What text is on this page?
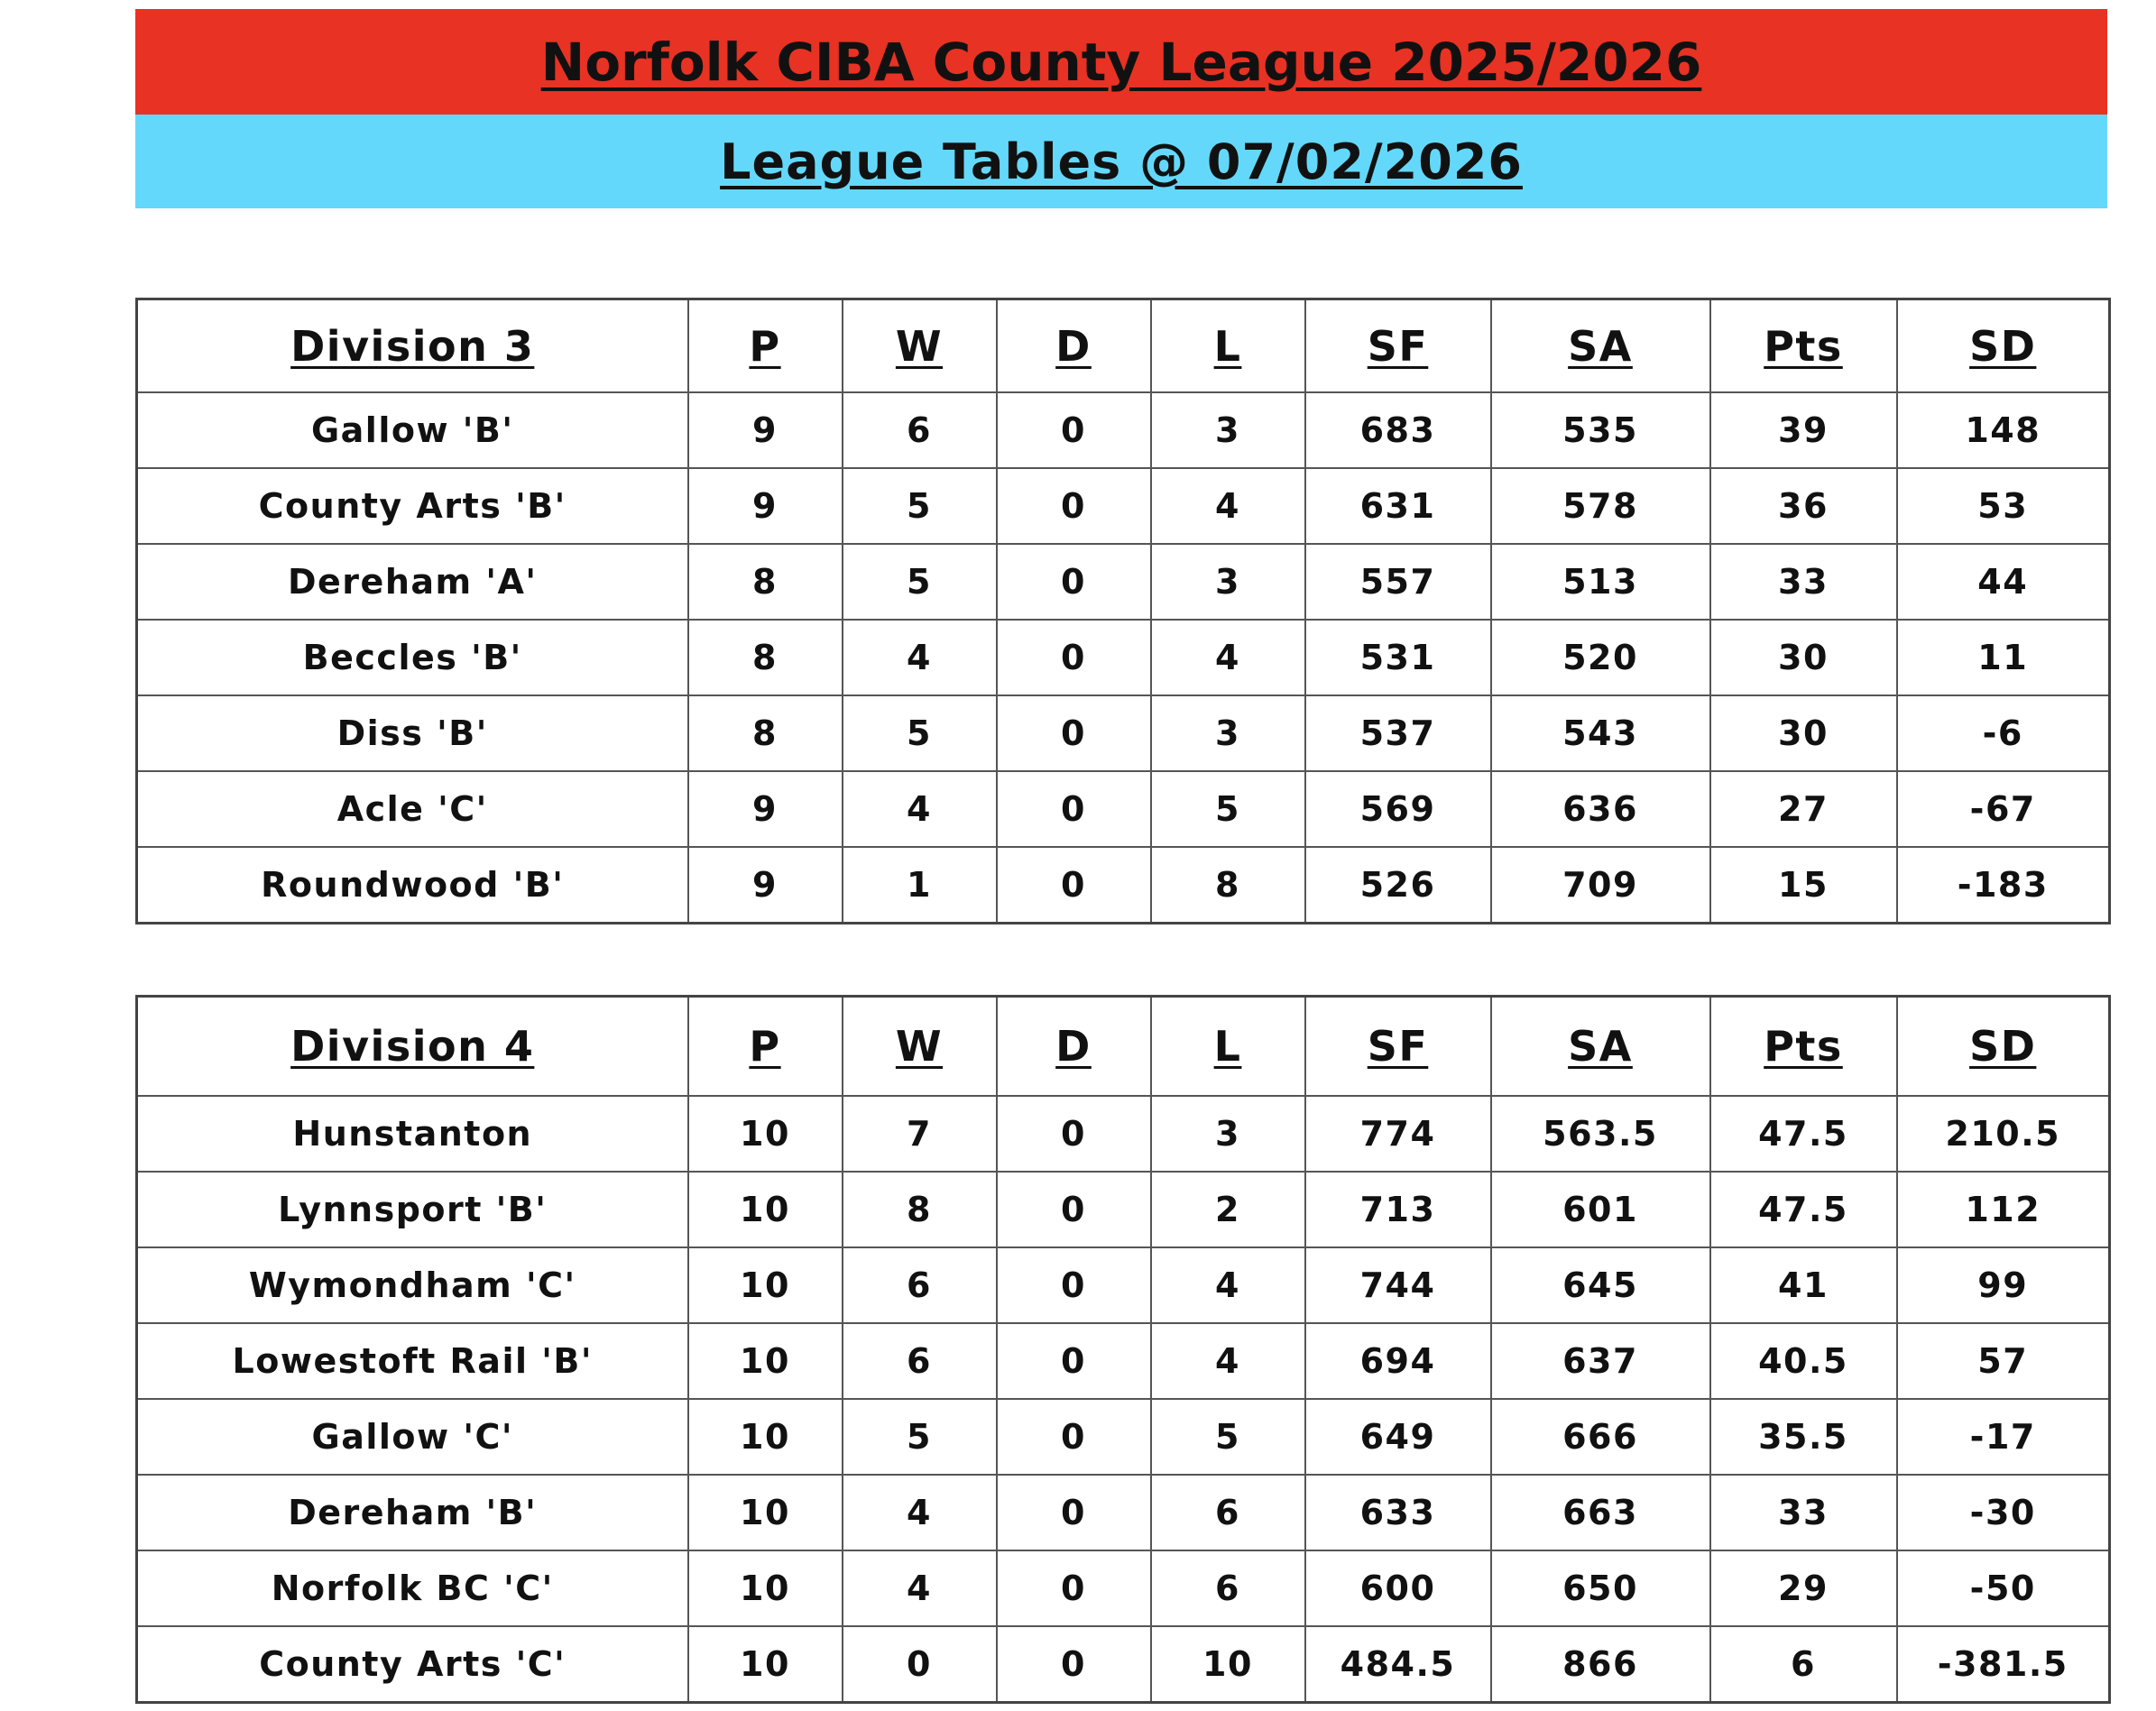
Norfolk CIBA County League 2025/2026
League Tables @ 07/02/2026
Division 3	P	W	D	L	SF	SA	Pts	SD
Gallow 'B'	9	6	0	3	683	535	39	148
County Arts 'B'	9	5	0	4	631	578	36	53
Dereham 'A'	8	5	0	3	557	513	33	44
Beccles 'B'	8	4	0	4	531	520	30	11
Diss 'B'	8	5	0	3	537	543	30	-6
Acle 'C'	9	4	0	5	569	636	27	-67
Roundwood 'B'	9	1	0	8	526	709	15	-183
Division 4	P	W	D	L	SF	SA	Pts	SD
Hunstanton	10	7	0	3	774	563.5	47.5	210.5
Lynnsport 'B'	10	8	0	2	713	601	47.5	112
Wymondham 'C'	10	6	0	4	744	645	41	99
Lowestoft Rail 'B'	10	6	0	4	694	637	40.5	57
Gallow 'C'	10	5	0	5	649	666	35.5	-17
Dereham 'B'	10	4	0	6	633	663	33	-30
Norfolk BC 'C'	10	4	0	6	600	650	29	-50
County Arts 'C'	10	0	0	10	484.5	866	6	-381.5
